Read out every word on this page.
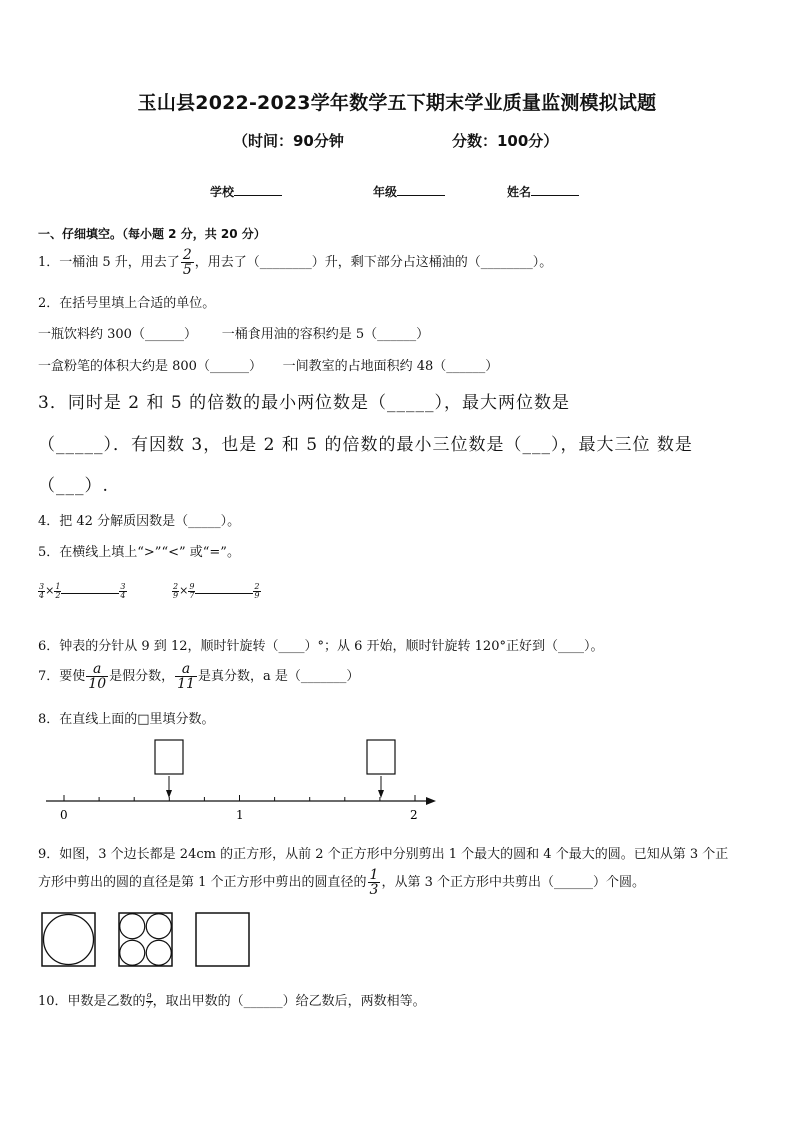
玉山县2022-2023学年数学五下期末学业质量监测模拟试题
（时间：90分钟	分数：100分）
学校	年级	姓名
一、仔细填空。（每小题 2 分，共 20 分）
1．一桶油 5 升，用去了 $\frac{2}{5}$ ，用去了（________）升，剩下部分占这桶油的（________）。
2．在括号里填上合适的单位。
一瓶饮料约 300（______）      一桶食用油的容积约是 5（______）
一盒粉笔的体积大约是 800（______）     一间教室的占地面积约 48（______）
3．同时是 2 和 5 的倍数的最小两位数是（_____），最大两位数是
（_____）．有因数 3，也是 2 和 5 的倍数的最小三位数是（___），最大三位 数是
（___）.
4．把 42 分解质因数是（_____）。
5．在横线上填上“>”“<” 或“=”。
$\frac{3}{4} \times \frac{1}{2}$	$\frac{3}{4}$	$\frac{2}{9} \times \frac{9}{7}$	$\frac{2}{9}$
6．钟表的分针从 9 到 12，顺时针旋转（____）°；从 6 开始，顺时针旋转 120°正好到（____）。
7．要使 $\frac{a}{10}$ 是假分数， $\frac{a}{11}$ 是真分数，a 是（_______）
8．在直线上面的□里填分数。
0	1	2
9．如图，3 个边长都是 24cm 的正方形，从前 2 个正方形中分别剪出 1 个最大的圆和 4 个最大的圆。已知从第 3 个正
方形中剪出的圆的直径是第 1 个正方形中剪出的圆直径的 $\frac{1}{3}$ ，从第 3 个正方形中共剪出（______）个圆。
10．甲数是乙数的 $\frac{9}{7}$ ，取出甲数的（______）给乙数后，两数相等。
